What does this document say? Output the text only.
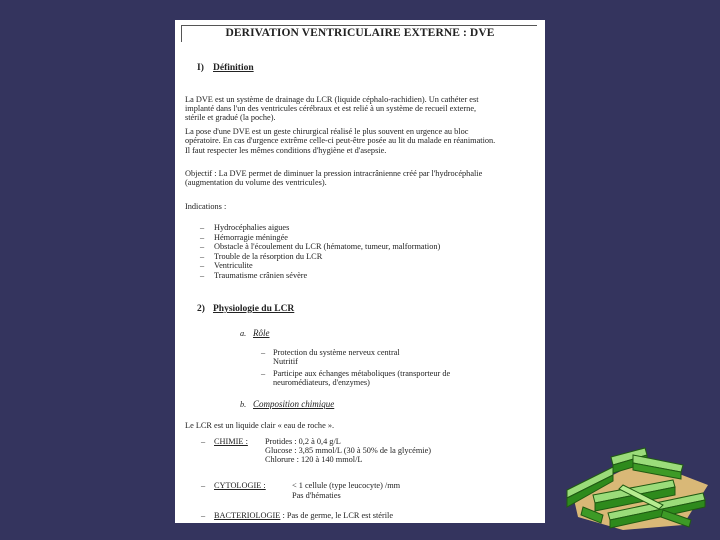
DERIVATION VENTRICULAIRE EXTERNE : DVE
I) Définition
La DVE est un système de drainage du LCR (liquide céphalo-rachidien). Un cathéter est
implanté dans l'un des ventricules cérébraux et est relié à un système de recueil externe,
stérile et gradué (la poche).
La pose d'une DVE est un geste chirurgical réalisé le plus souvent en urgence au bloc
opératoire. En cas d'urgence extrême celle-ci peut-être posée au lit du malade en réanimation.
Il faut respecter les mêmes conditions d'hygiène et d'asepsie.
Objectif : La DVE permet de diminuer la pression intracrânienne créé par l'hydrocéphalie
(augmentation du volume des ventricules).
Indications :
2) Physiologie du LCR
a. Rôle
– Protection du système nerveux central
Nutritif
– Participe aux échanges métaboliques (transporteur de
neuromédiateurs, d'enzymes)
b. Composition chimique
Le LCR est un liquide clair « eau de roche ».
– CHIMIE : Protides : 0,2 à 0,4 g/L
Glucose : 3,85 mmol/L (30 à 50% de la glycémie)
Chlorure : 120 à 140 mmol/L
– CYTOLOGIE :	< 1 cellule (type leucocyte) /mm
Pas d'hématies
– BACTERIOLOGIE : Pas de germe, le LCR est stérile
– Hydrocéphalies aigues
– Hémorragie méningée
– Obstacle à l'écoulement du LCR (hématome, tumeur, malformation)
– Trouble de la résorption du LCR
– Ventriculite
– Traumatisme crânien sévère
